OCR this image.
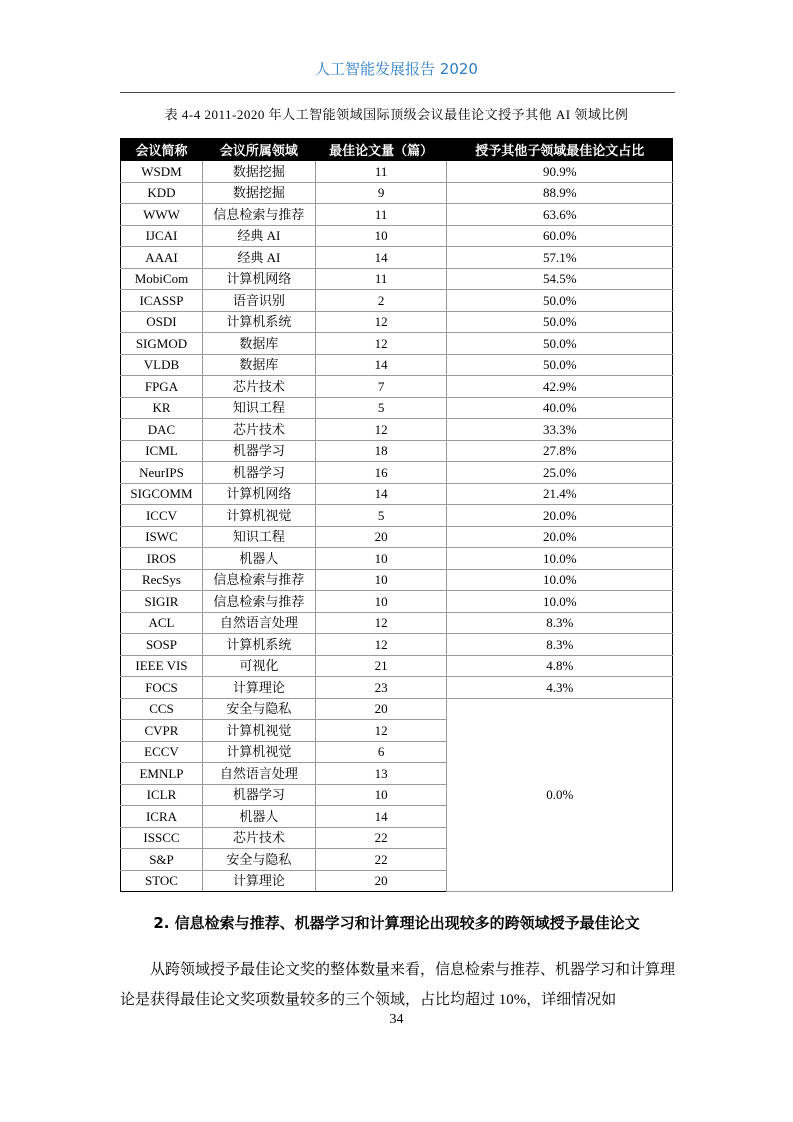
人工智能发展报告 2020
表 4-4 2011-2020 年人工智能领域国际顶级会议最佳论文授予其他 AI 领域比例
会议简称	会议所属领域	最佳论文量（篇）	授予其他子领域最佳论文占比
WSDM	数据挖掘	11	90.9%
KDD	数据挖掘	9	88.9%
WWW	信息检索与推荐	11	63.6%
IJCAI	经典 AI	10	60.0%
AAAI	经典 AI	14	57.1%
MobiCom	计算机网络	11	54.5%
ICASSP	语音识别	2	50.0%
OSDI	计算机系统	12	50.0%
SIGMOD	数据库	12	50.0%
VLDB	数据库	14	50.0%
FPGA	芯片技术	7	42.9%
KR	知识工程	5	40.0%
DAC	芯片技术	12	33.3%
ICML	机器学习	18	27.8%
NeurIPS	机器学习	16	25.0%
SIGCOMM	计算机网络	14	21.4%
ICCV	计算机视觉	5	20.0%
ISWC	知识工程	20	20.0%
IROS	机器人	10	10.0%
RecSys	信息检索与推荐	10	10.0%
SIGIR	信息检索与推荐	10	10.0%
ACL	自然语言处理	12	8.3%
SOSP	计算机系统	12	8.3%
IEEE VIS	可视化	21	4.8%
FOCS	计算理论	23	4.3%
CCS	安全与隐私	20	0.0%
CVPR	计算机视觉	12	
ECCV	计算机视觉	6	
EMNLP	自然语言处理	13	
ICLR	机器学习	10	
ICRA	机器人	14	
ISSCC	芯片技术	22	
S&P	安全与隐私	22	
STOC	计算理论	20	
2. 信息检索与推荐、机器学习和计算理论出现较多的跨领域授予最佳论文

从跨领域授予最佳论文奖的整体数量来看，信息检索与推荐、机器学习和计算理论是获得最佳论文奖项数量较多的三个领域，占比均超过 10%，详细情况如

34
